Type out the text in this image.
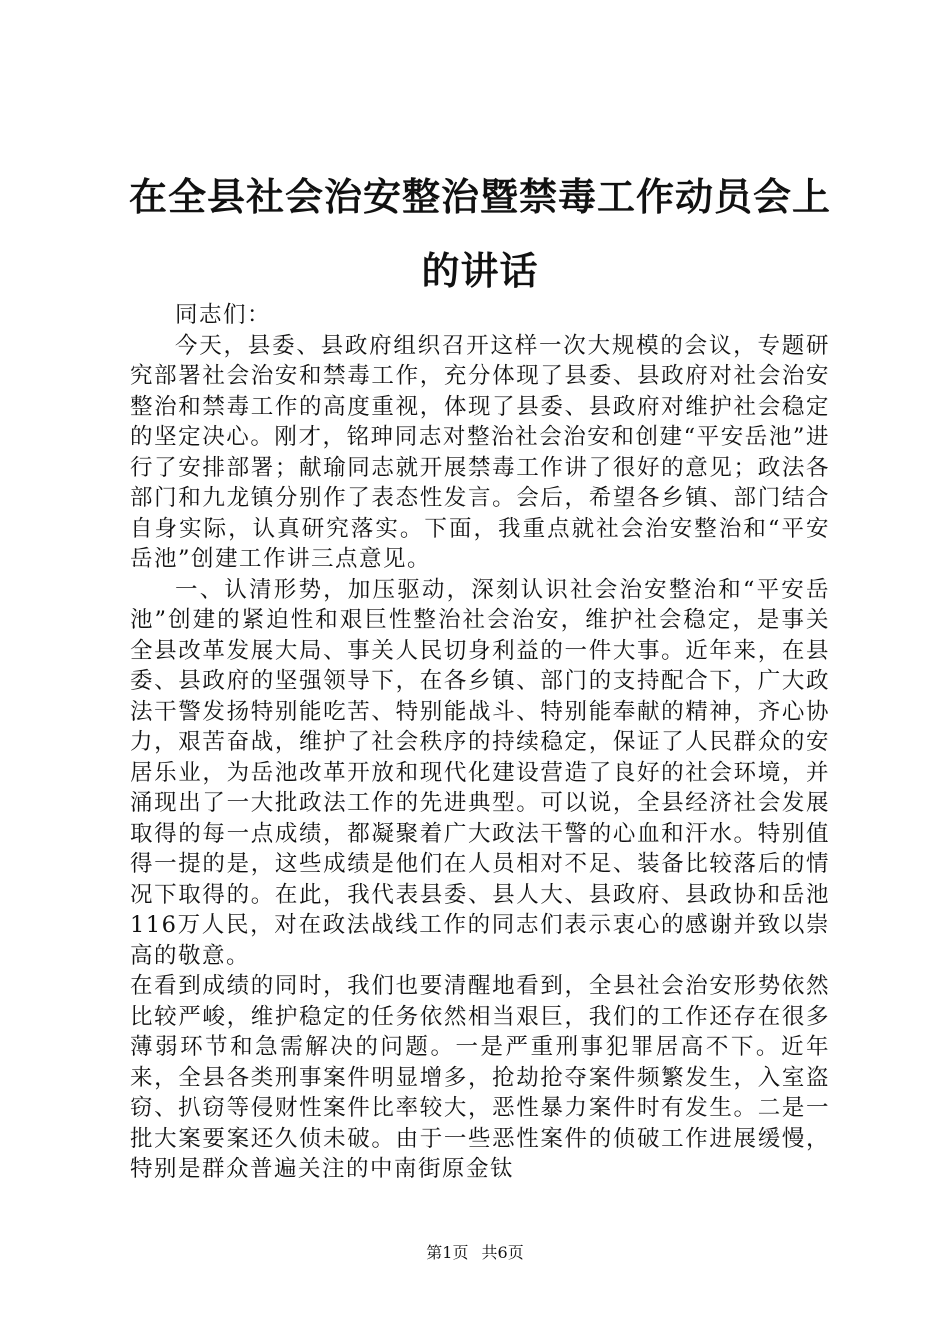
在全县社会治安整治暨禁毒工作动员会上的讲话

同志们：

今天，县委、县政府组织召开这样一次大规模的会议，专题研究部署社会治安和禁毒工作，充分体现了县委、县政府对社会治安整治和禁毒工作的高度重视，体现了县委、县政府对维护社会稳定的坚定决心。刚才，铭珅同志对整治社会治安和创建“平安岳池”进行了安排部署；献瑜同志就开展禁毒工作讲了很好的意见；政法各部门和九龙镇分别作了表态性发言。会后，希望各乡镇、部门结合自身实际，认真研究落实。下面，我重点就社会治安整治和“平安岳池”创建工作讲三点意见。

一、认清形势，加压驱动，深刻认识社会治安整治和“平安岳池”创建的紧迫性和艰巨性整治社会治安，维护社会稳定，是事关全县改革发展大局、事关人民切身利益的一件大事。近年来，在县委、县政府的坚强领导下，在各乡镇、部门的支持配合下，广大政法干警发扬特别能吃苦、特别能战斗、特别能奉献的精神，齐心协力，艰苦奋战，维护了社会秩序的持续稳定，保证了人民群众的安居乐业，为岳池改革开放和现代化建设营造了良好的社会环境，并涌现出了一大批政法工作的先进典型。可以说，全县经济社会发展取得的每一点成绩，都凝聚着广大政法干警的心血和汗水。特别值得一提的是，这些成绩是他们在人员相对不足、装备比较落后的情况下取得的。在此，我代表县委、县人大、县政府、县政协和岳池116万人民，对在政法战线工作的同志们表示衷心的感谢并致以崇高的敬意。

在看到成绩的同时，我们也要清醒地看到，全县社会治安形势依然比较严峻，维护稳定的任务依然相当艰巨，我们的工作还存在很多薄弱环节和急需解决的问题。一是严重刑事犯罪居高不下。近年来，全县各类刑事案件明显增多，抢劫抢夺案件频繁发生，入室盗窃、扒窃等侵财性案件比率较大，恶性暴力案件时有发生。二是一批大案要案还久侦未破。由于一些恶性案件的侦破工作进展缓慢，特别是群众普遍关注的中南街原金钛

第1页 共6页
